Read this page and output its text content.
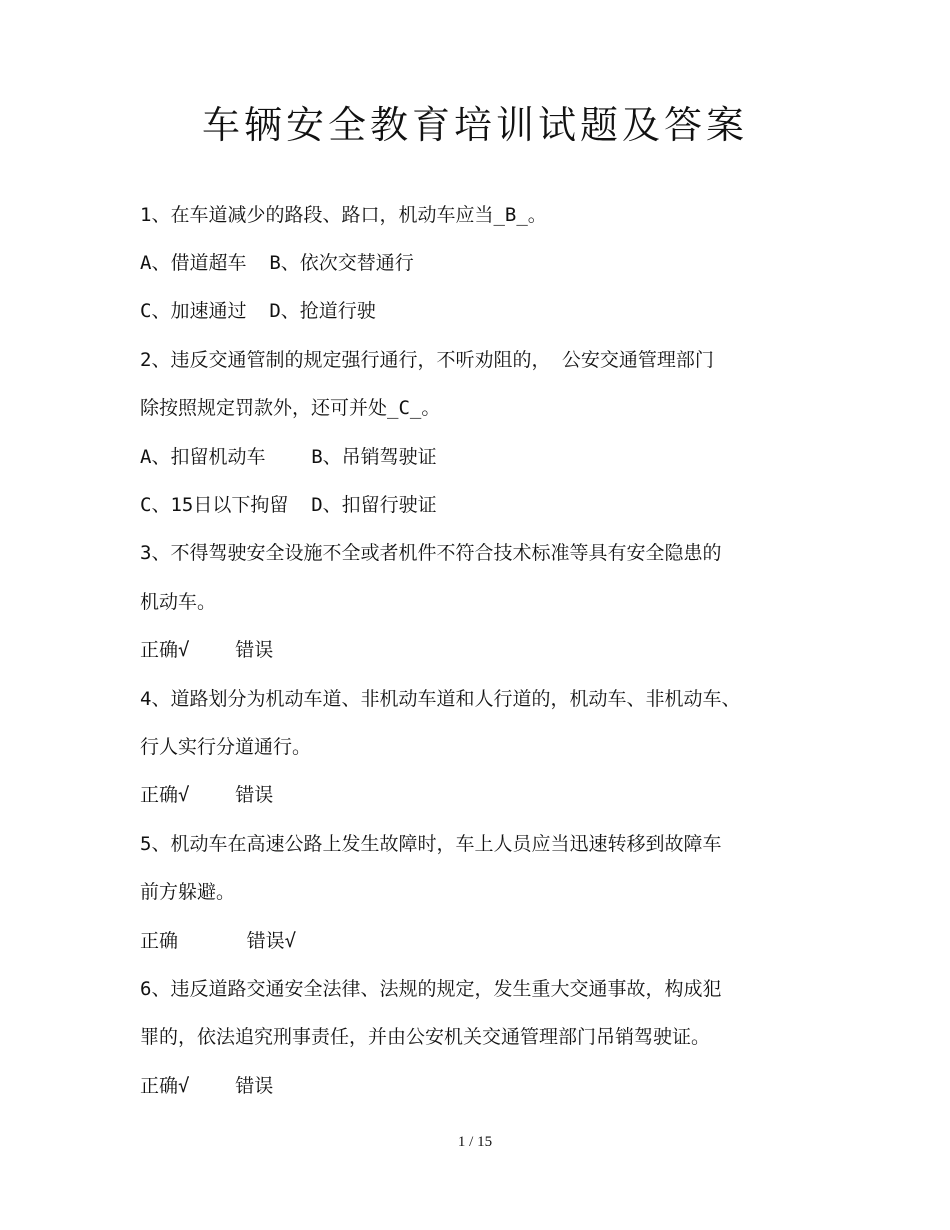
车辆安全教育培训试题及答案
1、在车道减少的路段、路口，机动车应当_B_。
A、借道超车  B、依次交替通行
C、加速通过  D、抢道行驶
2、违反交通管制的规定强行通行，不听劝阻的， 公安交通管理部门
除按照规定罚款外，还可并处_C_。
A、扣留机动车    B、吊销驾驶证
C、15日以下拘留  D、扣留行驶证
3、不得驾驶安全设施不全或者机件不符合技术标准等具有安全隐患的
机动车。
正确√    错误
4、道路划分为机动车道、非机动车道和人行道的，机动车、非机动车、
行人实行分道通行。
正确√    错误
5、机动车在高速公路上发生故障时，车上人员应当迅速转移到故障车
前方躲避。
正确      错误√
6、违反道路交通安全法律、法规的规定，发生重大交通事故，构成犯
罪的，依法追究刑事责任，并由公安机关交通管理部门吊销驾驶证。
正确√    错误
1 / 15
